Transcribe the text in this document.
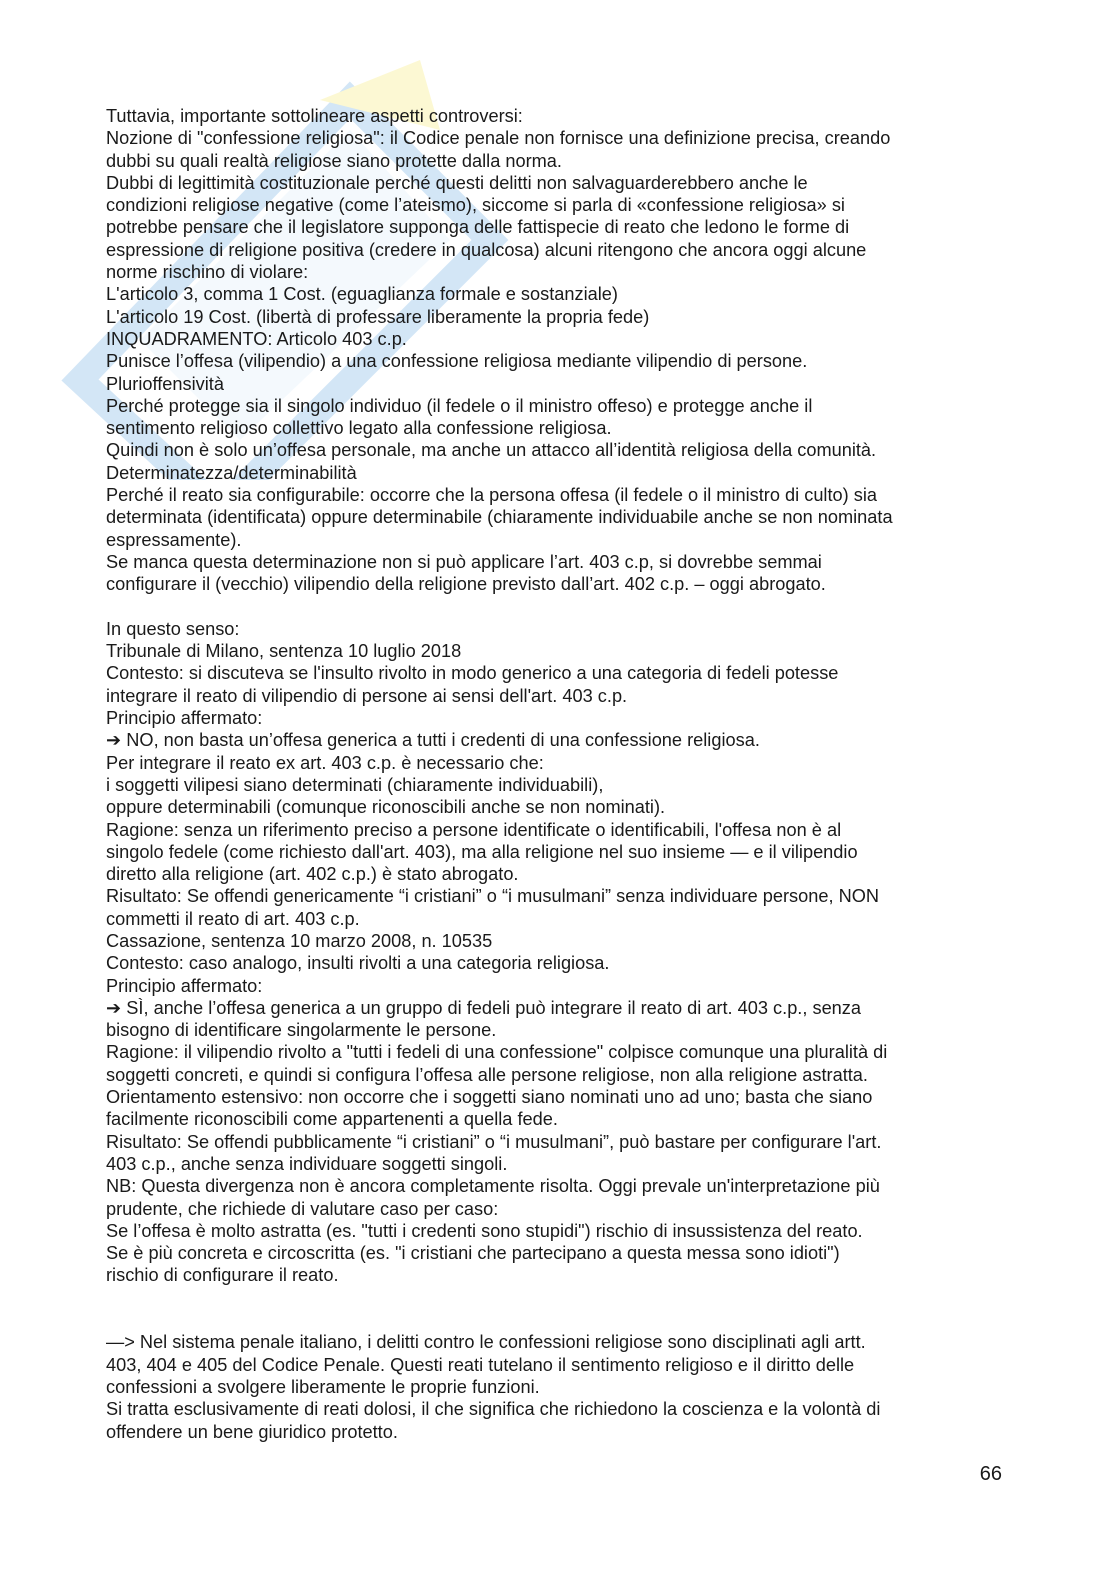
Tuttavia, importante sottolineare aspetti controversi:
Nozione di "confessione religiosa": il Codice penale non fornisce una definizione precisa, creando
dubbi su quali realtà religiose siano protette dalla norma.
Dubbi di legittimità costituzionale perché questi delitti non salvaguarderebbero anche le
condizioni religiose negative (come l’ateismo), siccome si parla di «confessione religiosa» si
potrebbe pensare che il legislatore supponga delle fattispecie di reato che ledono le forme di
espressione di religione positiva (credere in qualcosa) alcuni ritengono che ancora oggi alcune
norme rischino di violare:
L'articolo 3, comma 1 Cost. (eguaglianza formale e sostanziale)
L'articolo 19 Cost. (libertà di professare liberamente la propria fede)
INQUADRAMENTO: Articolo 403 c.p.
Punisce l’offesa (vilipendio) a una confessione religiosa mediante vilipendio di persone.
Plurioffensività
Perché protegge sia il singolo individuo (il fedele o il ministro offeso) e protegge anche il
sentimento religioso collettivo legato alla confessione religiosa.
Quindi non è solo un’offesa personale, ma anche un attacco all’identità religiosa della comunità.
Determinatezza/determinabilità
Perché il reato sia configurabile: occorre che la persona offesa (il fedele o il ministro di culto) sia
determinata (identificata) oppure determinabile (chiaramente individuabile anche se non nominata
espressamente).
Se manca questa determinazione non si può applicare l’art. 403 c.p, si dovrebbe semmai
configurare il (vecchio) vilipendio della religione previsto dall’art. 402 c.p. – oggi abrogato.
In questo senso:
Tribunale di Milano, sentenza 10 luglio 2018
Contesto: si discuteva se l'insulto rivolto in modo generico a una categoria di fedeli potesse
integrare il reato di vilipendio di persone ai sensi dell'art. 403 c.p.
Principio affermato:
➔ NO, non basta un’offesa generica a tutti i credenti di una confessione religiosa.
Per integrare il reato ex art. 403 c.p. è necessario che:
i soggetti vilipesi siano determinati (chiaramente individuabili),
oppure determinabili (comunque riconoscibili anche se non nominati).
Ragione: senza un riferimento preciso a persone identificate o identificabili, l'offesa non è al
singolo fedele (come richiesto dall'art. 403), ma alla religione nel suo insieme — e il vilipendio
diretto alla religione (art. 402 c.p.) è stato abrogato.
Risultato: Se offendi genericamente “i cristiani” o “i musulmani” senza individuare persone, NON
commetti il reato di art. 403 c.p.
Cassazione, sentenza 10 marzo 2008, n. 10535
Contesto: caso analogo, insulti rivolti a una categoria religiosa.
Principio affermato:
➔ SÌ, anche l’offesa generica a un gruppo di fedeli può integrare il reato di art. 403 c.p., senza
bisogno di identificare singolarmente le persone.
Ragione: il vilipendio rivolto a "tutti i fedeli di una confessione" colpisce comunque una pluralità di
soggetti concreti, e quindi si configura l’offesa alle persone religiose, non alla religione astratta.
Orientamento estensivo: non occorre che i soggetti siano nominati uno ad uno; basta che siano
facilmente riconoscibili come appartenenti a quella fede.
Risultato: Se offendi pubblicamente “i cristiani” o “i musulmani”, può bastare per configurare l'art.
403 c.p., anche senza individuare soggetti singoli.
NB: Questa divergenza non è ancora completamente risolta. Oggi prevale un'interpretazione più
prudente, che richiede di valutare caso per caso:
Se l’offesa è molto astratta (es. "tutti i credenti sono stupidi") rischio di insussistenza del reato.
Se è più concreta e circoscritta (es. "i cristiani che partecipano a questa messa sono idioti")
rischio di configurare il reato.
—> Nel sistema penale italiano, i delitti contro le confessioni religiose sono disciplinati agli artt.
403, 404 e 405 del Codice Penale. Questi reati tutelano il sentimento religioso e il diritto delle
confessioni a svolgere liberamente le proprie funzioni.
Si tratta esclusivamente di reati dolosi, il che significa che richiedono la coscienza e la volontà di
offendere un bene giuridico protetto.
66
